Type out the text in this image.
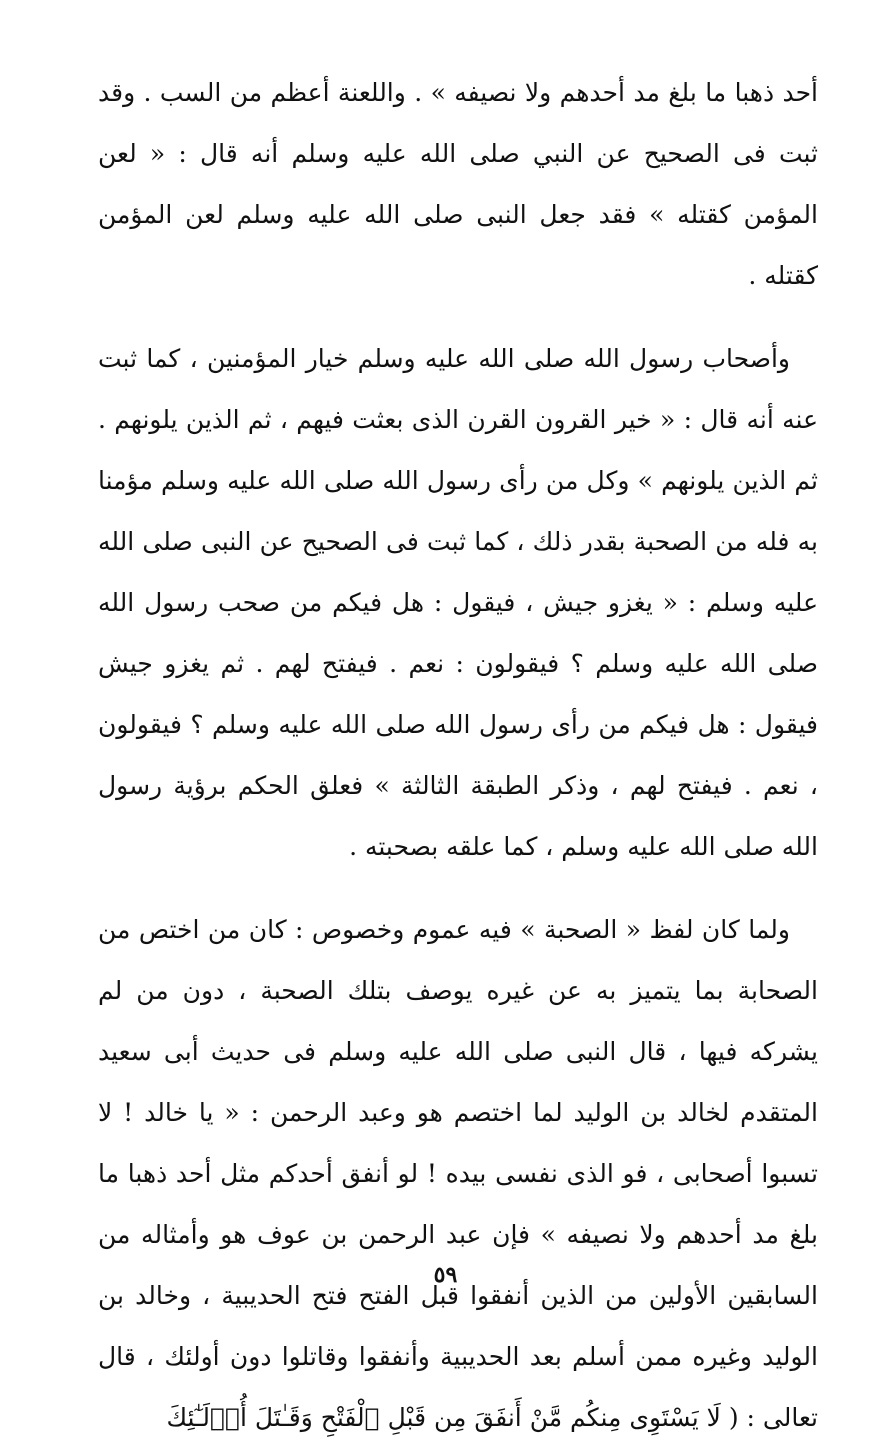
أحد ذهبا ما بلغ مد أحدهم ولا نصيفه » . واللعنة أعظم من السب . وقد ثبت فى الصحيح عن النبي صلى الله عليه وسلم أنه قال : « لعن المؤمن كقتله » فقد جعل النبى صلى الله عليه وسلم لعن المؤمن كقتله .

وأصحاب رسول الله صلى الله عليه وسلم خيار المؤمنين ، كما ثبت عنه أنه قال : « خير القرون القرن الذى بعثت فيهم ، ثم الذين يلونهم . ثم الذين يلونهم » وكل من رأى رسول الله صلى الله عليه وسلم مؤمنا به فله من الصحبة بقدر ذلك ، كما ثبت فى الصحيح عن النبى صلى الله عليه وسلم : « يغزو جيش ، فيقول : هل فيكم من صحب رسول الله صلى الله عليه وسلم ؟ فيقولون : نعم . فيفتح لهم . ثم يغزو جيش فيقول : هل فيكم من رأى رسول الله صلى الله عليه وسلم ؟ فيقولون ، نعم . فيفتح لهم ، وذكر الطبقة الثالثة » فعلق الحكم برؤية رسول الله صلى الله عليه وسلم ، كما علقه بصحبته .

ولما كان لفظ « الصحبة » فيه عموم وخصوص : كان من اختص من الصحابة بما يتميز به عن غيره يوصف بتلك الصحبة ، دون من لم يشركه فيها ، قال النبى صلى الله عليه وسلم فى حديث أبى سعيد المتقدم لخالد بن الوليد لما اختصم هو وعبد الرحمن : « يا خالد ! لا تسبوا أصحابى ، فو الذى نفسى بيده ! لو أنفق أحدكم مثل أحد ذهبا ما بلغ مد أحدهم ولا نصيفه » فإن عبد الرحمن بن عوف هو وأمثاله من السابقين الأولين من الذين أنفقوا قبل الفتح فتح الحديبية ، وخالد بن الوليد وغيره ممن أسلم بعد الحديبية وأنفقوا وقاتلوا دون أولئك ، قال تعالى : ( لَا يَسْتَوِى مِنكُم مَّنْ أَنفَقَ مِن قَبْلِ ٱلْفَتْحِ وَقَـٰتَلَ أُو۟لَـٰٓئِكَ

٥٩
